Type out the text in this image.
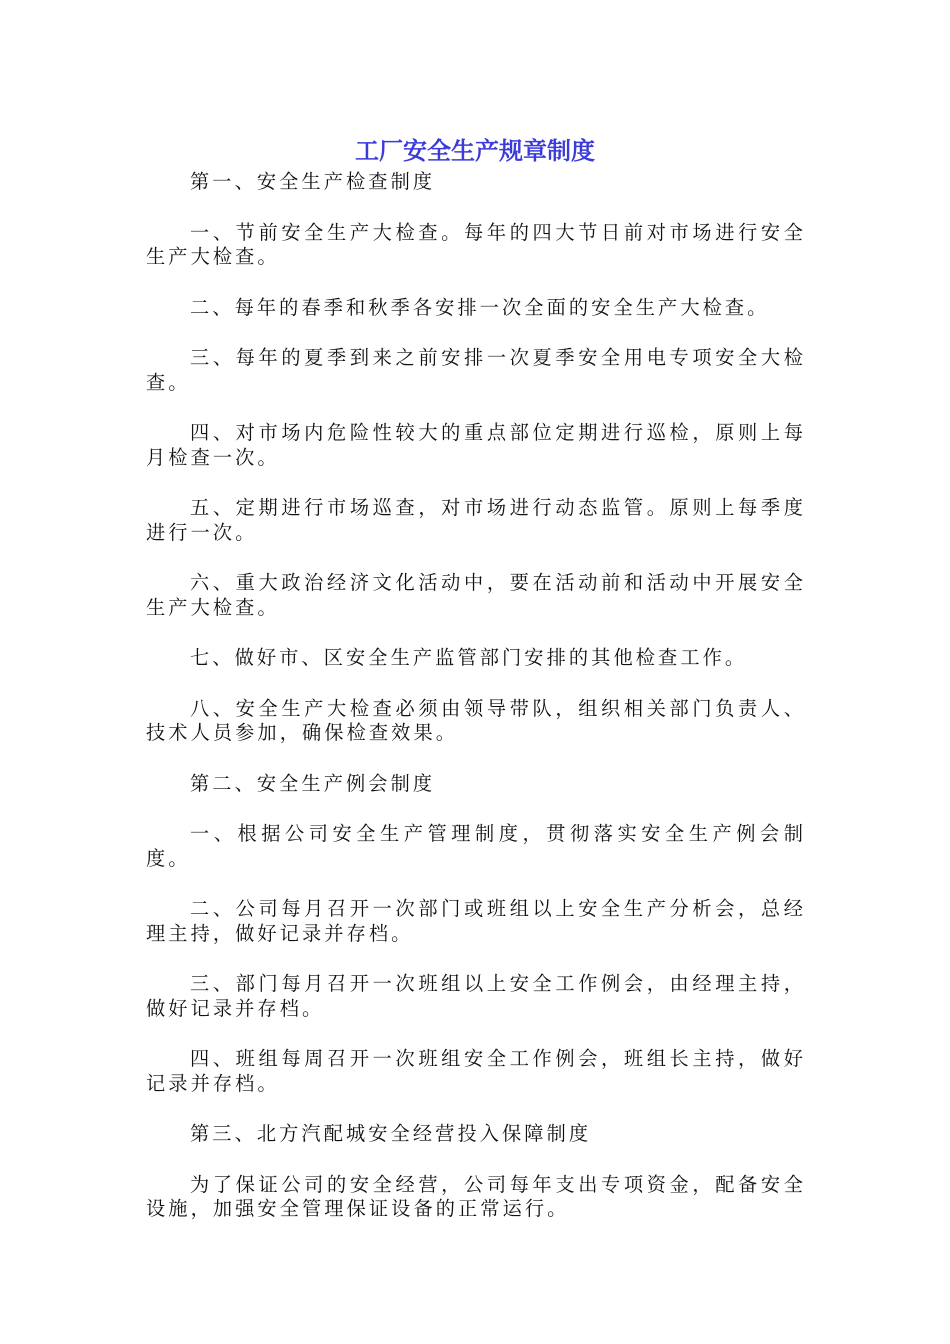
工厂安全生产规章制度

第一、安全生产检查制度

一、节前安全生产大检查。每年的四大节日前对市场进行安全生产大检查。

二、每年的春季和秋季各安排一次全面的安全生产大检查。

三、每年的夏季到来之前安排一次夏季安全用电专项安全大检查。

四、对市场内危险性较大的重点部位定期进行巡检，原则上每月检查一次。

五、定期进行市场巡查，对市场进行动态监管。原则上每季度进行一次。

六、重大政治经济文化活动中，要在活动前和活动中开展安全生产大检查。

七、做好市、区安全生产监管部门安排的其他检查工作。

八、安全生产大检查必须由领导带队，组织相关部门负责人、技术人员参加，确保检查效果。

第二、安全生产例会制度

一、根据公司安全生产管理制度，贯彻落实安全生产例会制度。

二、公司每月召开一次部门或班组以上安全生产分析会，总经理主持，做好记录并存档。

三、部门每月召开一次班组以上安全工作例会，由经理主持，做好记录并存档。

四、班组每周召开一次班组安全工作例会，班组长主持，做好记录并存档。

第三、北方汽配城安全经营投入保障制度

为了保证公司的安全经营，公司每年支出专项资金，配备安全设施，加强安全管理保证设备的正常运行。
